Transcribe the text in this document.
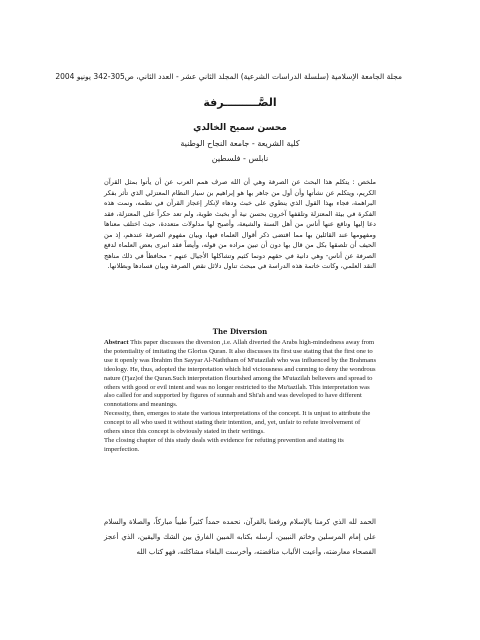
مجلة الجامعة الإسلامية (سلسلة الدراسات الشرعية) المجلد الثاني عشر - العدد الثاني، ص305-342 يونيو 2004
الصَّـــــــــرفة
محسن سميح الخالدي
كلية الشريعة - جامعة النجاح الوطنية
نابلس - فلسطين
ملخص : يتكلم هذا البحث عن الصرفة وهي أن الله صرف همم العرب عن أن يأتوا بمثل القرآن الكريم، ويتكلم عن نشأتها وأن أول من جاهر بها هو إبراهيم بن سيار النظام المعتزلي الذي تأثر بفكر البراهمة، فجاء بهذا القول الذي ينطوي على خبث ودهاء لإنكار إعجاز القرآن في نظمه، ونمت هذه الفكرة في بيئة المعتزلة وتلقفها آخرون بحسن نية أو بخبث طوية، ولم تعد حكراً على المعتزلة، فقد دعا إليها وناقع عنها أناس من أهل السنة والشيعة، وأصبح لها مدلولات متعددة، حيث اختلف معناها ومفهومها عند القائلين بها مما اقتضى ذكر أقوال العلماء فيها، وبيان مفهوم الصرفة عندهم، إذ من الحيف أن تلصقها بكل من قال بها دون أن تبين مراده من قوله، وأيضاً فقد انبرى بعض العلماء لدفع الصرفة عن أناس- وهي دانية في حقهم دونما كثيم وتشاكلها الأجيال عنهم - محافظاً في ذلك مناهج النقد العلمي، وكانت خاتمة هذه الدراسة في مبحث تناول دلائل نقض الصرفة وبيان فسادها وبطلانها.
The Diversion

Abstract This paper discusses the diversion ,i.e. Allah diverted the Arabs high-mindedness away from the potentiality of imitating the Glorius Quran. It also discusses its first use stating that the first one to use it openly was Ibrahim Ibn Sayyar Al-Naththam of M'utazilah who was influenced by the Brahmans ideology. He, thus, adopted the interpretation which hid viciousness and cunning to deny the wondrous nature (I'jaz)of the Quran.Such interpretation flourished among the M'utazilah believers and spread to others with good or evil intent and was no longer restricted to the Mu'tazilah. This interpretation was also called for and supported by figures of sunnah and Shi'ah and was developed to have different connotations and meanings.

Necessity, then, emerges to state the various interpretations of the concept. It is unjust to attribute the concept to all who used it without stating their intention, and, yet, unfair to refute involvement of others since this concept is obviously stated in their writings.

The closing chapter of this study deals with evidence for refuting prevention and stating its imperfection.

الحمد لله الذي كرمنا بالإسلام ورفعنا بالقرآن، نحمده حمداً كثيراً طيباً مباركاً، والصلاة والسلام على إمام المرسلين وخاتم النبيين، أرسله بكتابه المبين الفارق بين الشك واليقين، الذي أعجز الفصحاء معارضته، وأعيت الألباب مناقضته، وأخرست البلغاء مشاكلته، فهو كتاب الله
